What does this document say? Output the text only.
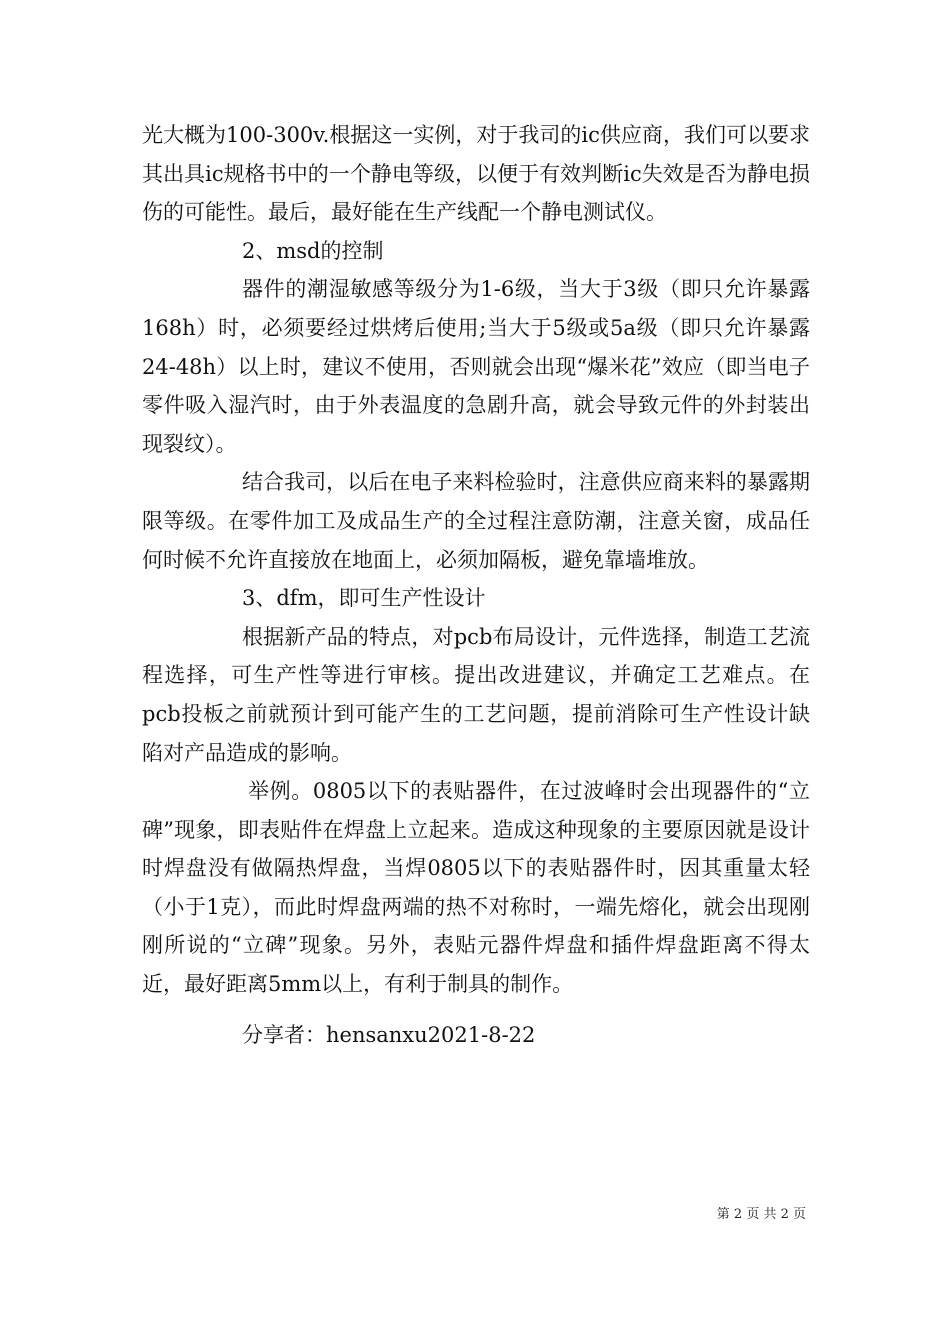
光大概为100-300v.根据这一实例，对于我司的ic供应商，我们可以要求其出具ic规格书中的一个静电等级，以便于有效判断ic失效是否为静电损伤的可能性。最后，最好能在生产线配一个静电测试仪。

2、msd的控制

器件的潮湿敏感等级分为1-6级，当大于3级（即只允许暴露168h）时，必须要经过烘烤后使用;当大于5级或5a级（即只允许暴露24-48h）以上时，建议不使用，否则就会出现“爆米花”效应（即当电子零件吸入湿汽时，由于外表温度的急剧升高，就会导致元件的外封装出现裂纹）。

结合我司，以后在电子来料检验时，注意供应商来料的暴露期限等级。在零件加工及成品生产的全过程注意防潮，注意关窗，成品任何时候不允许直接放在地面上，必须加隔板，避免靠墙堆放。

3、dfm，即可生产性设计

根据新产品的特点，对pcb布局设计，元件选择，制造工艺流程选择，可生产性等进行审核。提出改进建议，并确定工艺难点。在pcb投板之前就预计到可能产生的工艺问题，提前消除可生产性设计缺陷对产品造成的影响。

举例。0805以下的表贴器件，在过波峰时会出现器件的“立碑”现象，即表贴件在焊盘上立起来。造成这种现象的主要原因就是设计时焊盘没有做隔热焊盘，当焊0805以下的表贴器件时，因其重量太轻（小于1克），而此时焊盘两端的热不对称时，一端先熔化，就会出现刚刚所说的“立碑”现象。另外，表贴元器件焊盘和插件焊盘距离不得太近，最好距离5mm以上，有利于制具的制作。

分享者：hensanxu2021-8-22

第 2 页 共 2 页
